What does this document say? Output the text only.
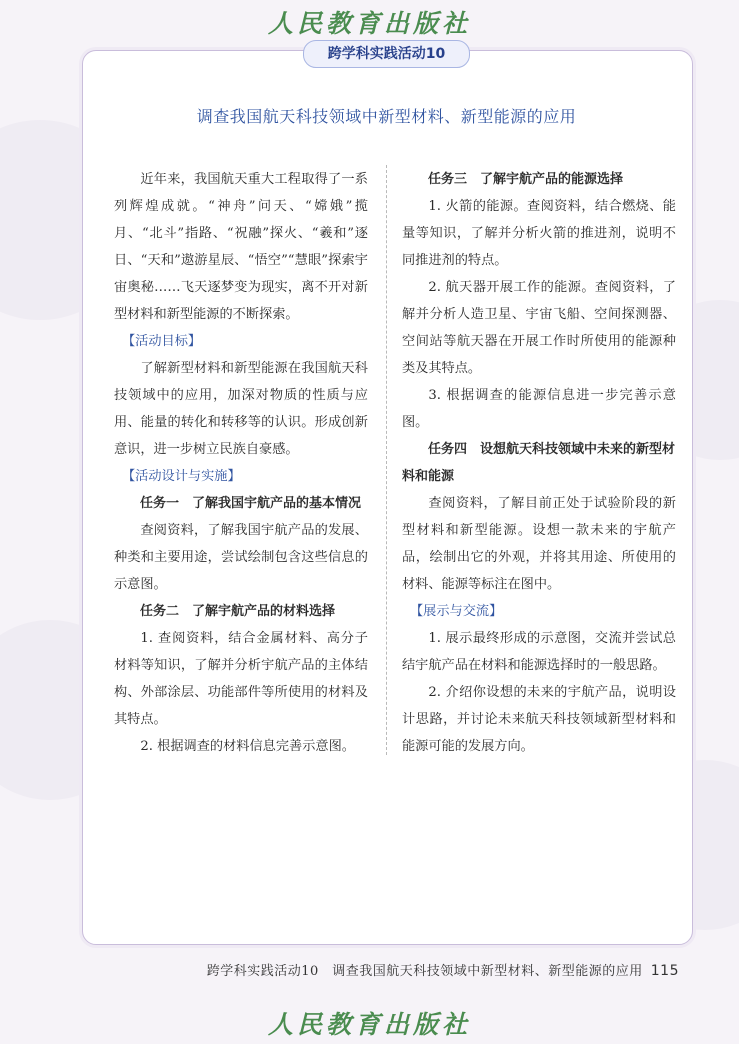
人民教育出版社
跨学科实践活动10
调查我国航天科技领域中新型材料、新型能源的应用

近年来，我国航天重大工程取得了一系列辉煌成就。“神舟”问天、“嫦娥”揽月、“北斗”指路、“祝融”探火、“羲和”逐日、“天和”遨游星辰、“悟空”“慧眼”探索宇宙奥秘……飞天逐梦变为现实，离不开对新型材料和新型能源的不断探索。

【活动目标】

了解新型材料和新型能源在我国航天科技领域中的应用，加深对物质的性质与应用、能量的转化和转移等的认识。形成创新意识，进一步树立民族自豪感。

【活动设计与实施】
任务一　了解我国宇航产品的基本情况

查阅资料，了解我国宇航产品的发展、种类和主要用途，尝试绘制包含这些信息的示意图。

任务二　了解宇航产品的材料选择

1. 查阅资料，结合金属材料、高分子材料等知识，了解并分析宇航产品的主体结构、外部涂层、功能部件等所使用的材料及其特点。

2. 根据调查的材料信息完善示意图。

任务三　了解宇航产品的能源选择

1. 火箭的能源。查阅资料，结合燃烧、能量等知识，了解并分析火箭的推进剂，说明不同推进剂的特点。

2. 航天器开展工作的能源。查阅资料，了解并分析人造卫星、宇宙飞船、空间探测器、空间站等航天器在开展工作时所使用的能源种类及其特点。

3. 根据调查的能源信息进一步完善示意图。

任务四　设想航天科技领域中未来的新型材料和能源

查阅资料，了解目前正处于试验阶段的新型材料和新型能源。设想一款未来的宇航产品，绘制出它的外观，并将其用途、所使用的材料、能源等标注在图中。

【展示与交流】

1. 展示最终形成的示意图，交流并尝试总结宇航产品在材料和能源选择时的一般思路。

2. 介绍你设想的未来的宇航产品，说明设计思路，并讨论未来航天科技领域新型材料和能源可能的发展方向。

跨学科实践活动10　调查我国航天科技领域中新型材料、新型能源的应用 115
人民教育出版社
